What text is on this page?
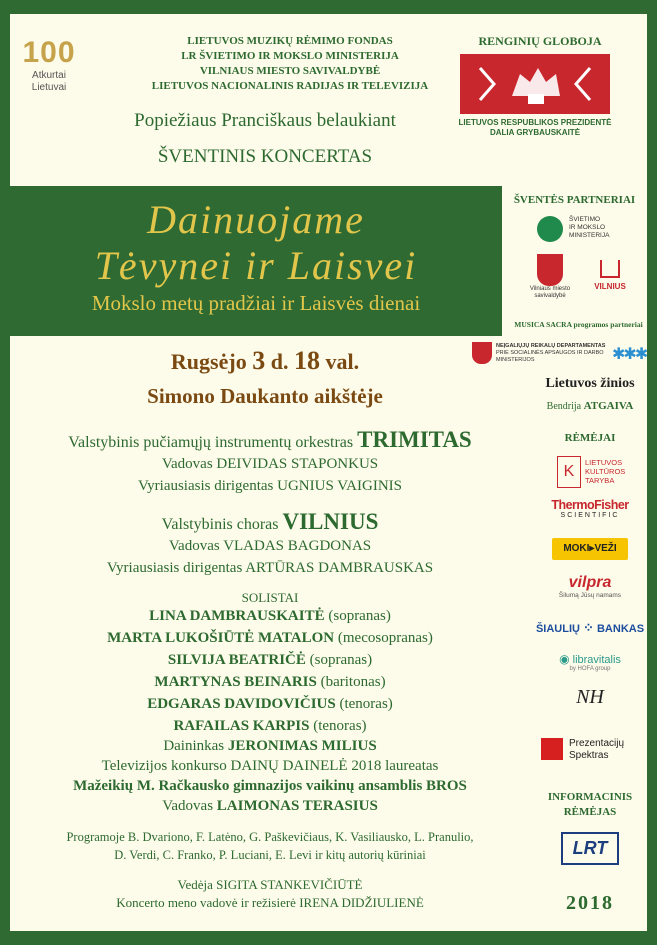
100
Atkurtai
Lietuvai
LIETUVOS MUZIKŲ RĖMIMO FONDAS
LR ŠVIETIMO IR MOKSLO MINISTERIJA
VILNIAUS MIESTO SAVIVALDYBĖ
LIETUVOS NACIONALINIS RADIJAS IR TELEVIZIJA
RENGINIŲ GLOBOJA
LIETUVOS RESPUBLIKOS PREZIDENTĖ
DALIA GRYBAUSKAITĖ
Popiežiaus Pranciškaus belaukiant
ŠVENTINIS KONCERTAS
Dainuojame
Tėvynei ir Laisvei
Mokslo metų pradžiai ir Laisvės dienai
ŠVENTĖS PARTNERIAI
ŠVIETIMO
IR MOKSLO
MINISTERIJA
Vilniaus miesto
savivaldybė
VILNIUS
MUSICA SACRA programos partneriai
NEĮGALIŲJŲ REIKALŲ DEPARTAMENTAS
PRIE SOCIALINĖS APSAUGOS IR DARBO MINISTERIJOS	✱✱✱
Rugsėjo 3 d. 18 val.
Simono Daukanto aikštėje
Valstybinis pučiamųjų instrumentų orkestras TRIMITAS
Vadovas DEIVIDAS STAPONKUS
Vyriausiasis dirigentas UGNIUS VAIGINIS
Valstybinis choras VILNIUS
Vadovas VLADAS BAGDONAS
Vyriausiasis dirigentas ARTŪRAS DAMBRAUSKAS
SOLISTAI
LINA DAMBRAUSKAITĖ (sopranas)
MARTA LUKOŠIŪTĖ MATALON (mecosopranas)
SILVIJA BEATRIČĖ (sopranas)
MARTYNAS BEINARIS (baritonas)
EDGARAS DAVIDOVIČIUS (tenoras)
RAFAILAS KARPIS (tenoras)
Daininkas JERONIMAS MILIUS
Televizijos konkurso DAINŲ DAINELĖ 2018 laureatas
Mažeikių M. Račkausko gimnazijos vaikinų ansamblis BROS
Vadovas LAIMONAS TERASIUS
Programoje B. Dvariono, F. Latėno, G. Paškevičiaus, K. Vasiliausko, L. Pranulio,
D. Verdi, C. Franko, P. Luciani, E. Levi ir kitų autorių kūriniai
Vedėja SIGITA STANKEVIČIŪTĖ
Koncerto meno vadovė ir režisierė IRENA DIDŽIULIENĖ
Lietuvos žinios
Bendrija ATGAIVA
RĖMĖJAI
K
LIETUVOS
KULTŪROS
TARYBA
ThermoFisher
SCIENTIFIC
MOKI▸VEŽI
vilpra
Šilumą Jūsų namams
ŠIAULIŲ ⁘ BANKAS
◉ libravitalis
by HOFA group
NH
Prezentacijų
Spektras
INFORMACINIS
RĖMĖJAS
LRT
2018
